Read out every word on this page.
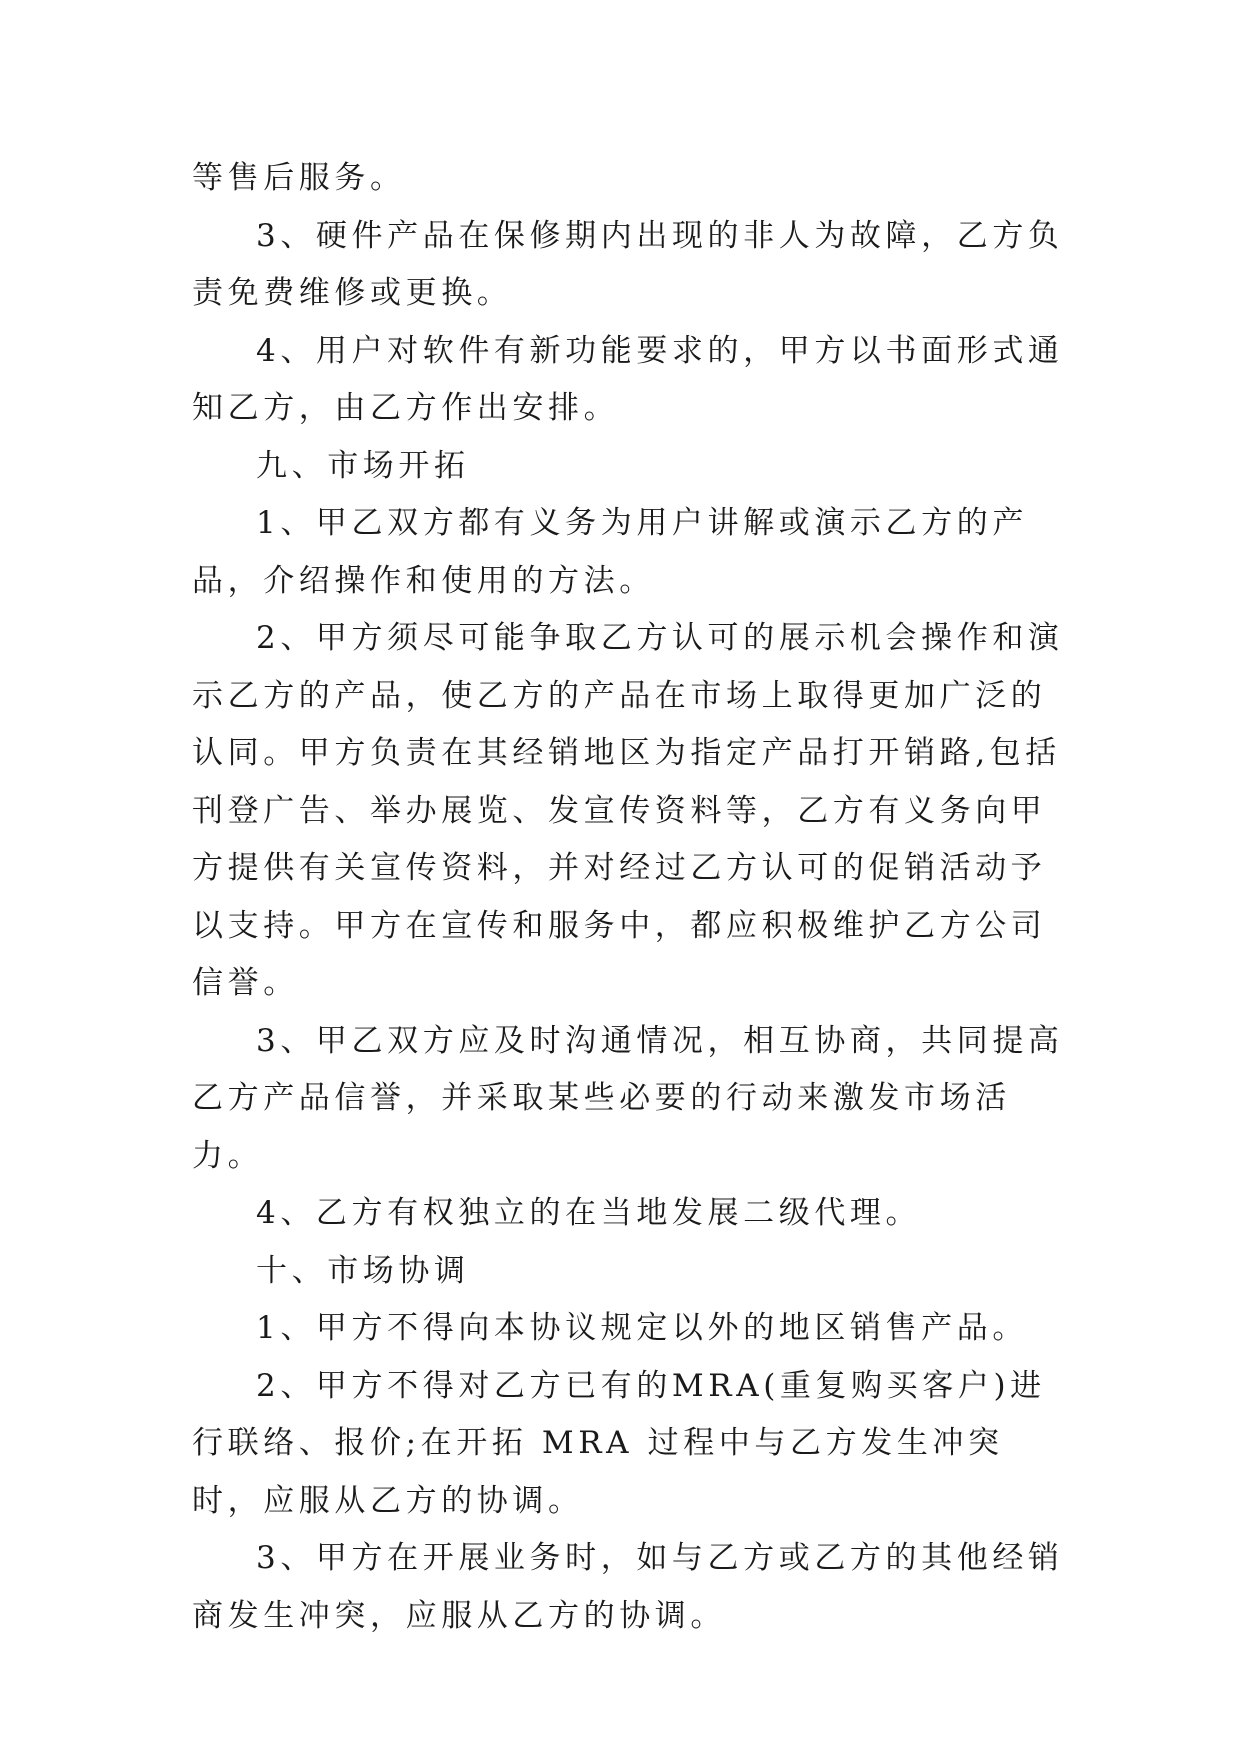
等售后服务。

3、硬件产品在保修期内出现的非人为故障，乙方负责免费维修或更换。

4、用户对软件有新功能要求的，甲方以书面形式通知乙方，由乙方作出安排。

九、市场开拓

1、甲乙双方都有义务为用户讲解或演示乙方的产品，介绍操作和使用的方法。

2、甲方须尽可能争取乙方认可的展示机会操作和演示乙方的产品，使乙方的产品在市场上取得更加广泛的认同。甲方负责在其经销地区为指定产品打开销路,包括刊登广告、举办展览、发宣传资料等，乙方有义务向甲方提供有关宣传资料，并对经过乙方认可的促销活动予以支持。甲方在宣传和服务中，都应积极维护乙方公司信誉。

3、甲乙双方应及时沟通情况，相互协商，共同提高乙方产品信誉，并采取某些必要的行动来激发市场活力。

4、乙方有权独立的在当地发展二级代理。

十、市场协调

1、甲方不得向本协议规定以外的地区销售产品。

2、甲方不得对乙方已有的MRA(重复购买客户)进行联络、报价;在开拓 MRA 过程中与乙方发生冲突时，应服从乙方的协调。

3、甲方在开展业务时，如与乙方或乙方的其他经销商发生冲突，应服从乙方的协调。
